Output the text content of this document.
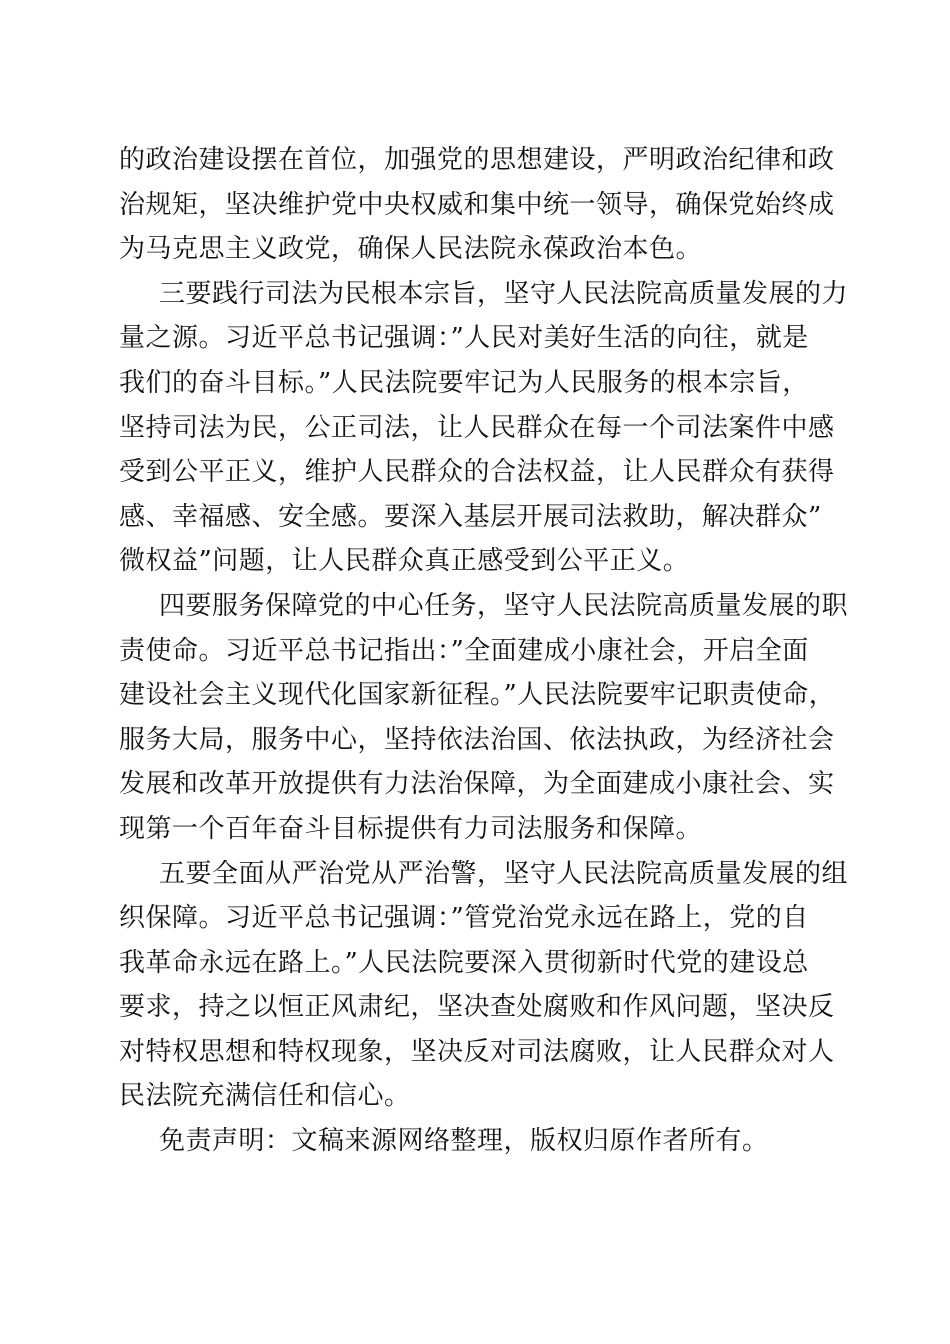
的政治建设摆在首位，加强党的思想建设，严明政治纪律和政
治规矩，坚决维护党中央权威和集中统一领导，确保党始终成
为马克思主义政党，确保人民法院永葆政治本色。

三要践行司法为民根本宗旨，坚守人民法院高质量发展的力
量之源。习近平总书记强调：”人民对美好生活的向往，就是
我们的奋斗目标。”人民法院要牢记为人民服务的根本宗旨，
坚持司法为民，公正司法，让人民群众在每一个司法案件中感
受到公平正义，维护人民群众的合法权益，让人民群众有获得
感、幸福感、安全感。要深入基层开展司法救助，解决群众”
微权益”问题，让人民群众真正感受到公平正义。

四要服务保障党的中心任务，坚守人民法院高质量发展的职
责使命。习近平总书记指出：”全面建成小康社会，开启全面
建设社会主义现代化国家新征程。”人民法院要牢记职责使命，
服务大局，服务中心，坚持依法治国、依法执政，为经济社会
发展和改革开放提供有力法治保障，为全面建成小康社会、实
现第一个百年奋斗目标提供有力司法服务和保障。

五要全面从严治党从严治警，坚守人民法院高质量发展的组
织保障。习近平总书记强调：”管党治党永远在路上，党的自
我革命永远在路上。”人民法院要深入贯彻新时代党的建设总
要求，持之以恒正风肃纪，坚决查处腐败和作风问题，坚决反
对特权思想和特权现象，坚决反对司法腐败，让人民群众对人
民法院充满信任和信心。

免责声明：文稿来源网络整理，版权归原作者所有。
